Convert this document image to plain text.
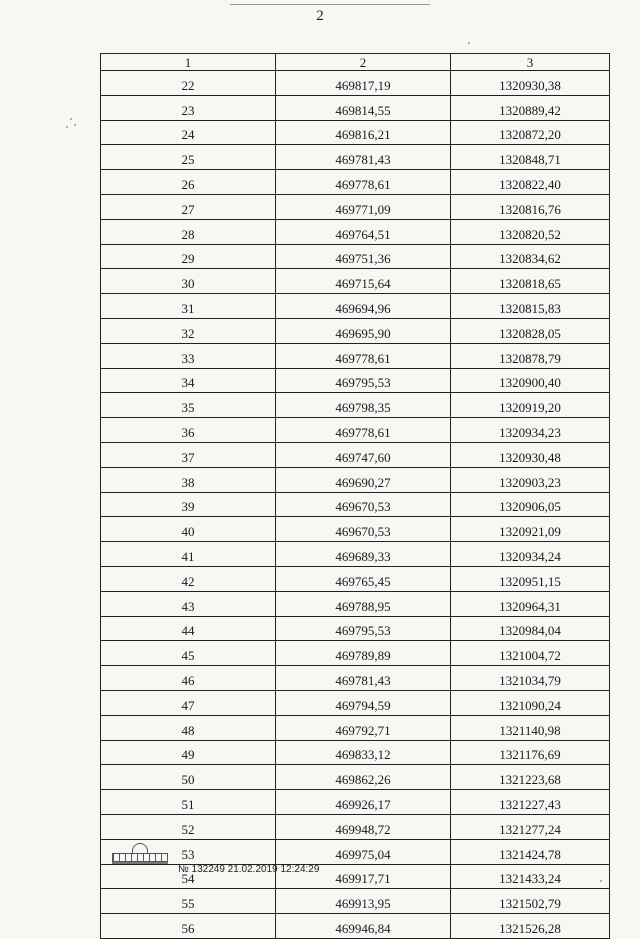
2
1	2	3
22	469817,19	1320930,38
23	469814,55	1320889,42
24	469816,21	1320872,20
25	469781,43	1320848,71
26	469778,61	1320822,40
27	469771,09	1320816,76
28	469764,51	1320820,52
29	469751,36	1320834,62
30	469715,64	1320818,65
31	469694,96	1320815,83
32	469695,90	1320828,05
33	469778,61	1320878,79
34	469795,53	1320900,40
35	469798,35	1320919,20
36	469778,61	1320934,23
37	469747,60	1320930,48
38	469690,27	1320903,23
39	469670,53	1320906,05
40	469670,53	1320921,09
41	469689,33	1320934,24
42	469765,45	1320951,15
43	469788,95	1320964,31
44	469795,53	1320984,04
45	469789,89	1321004,72
46	469781,43	1321034,79
47	469794,59	1321090,24
48	469792,71	1321140,98
49	469833,12	1321176,69
50	469862,26	1321223,68
51	469926,17	1321227,43
52	469948,72	1321277,24
53	469975,04	1321424,78
54	469917,71	1321433,24
55	469913,95	1321502,79
56	469946,84	1321526,28
№ 132249 21.02.2019 12:24:29
